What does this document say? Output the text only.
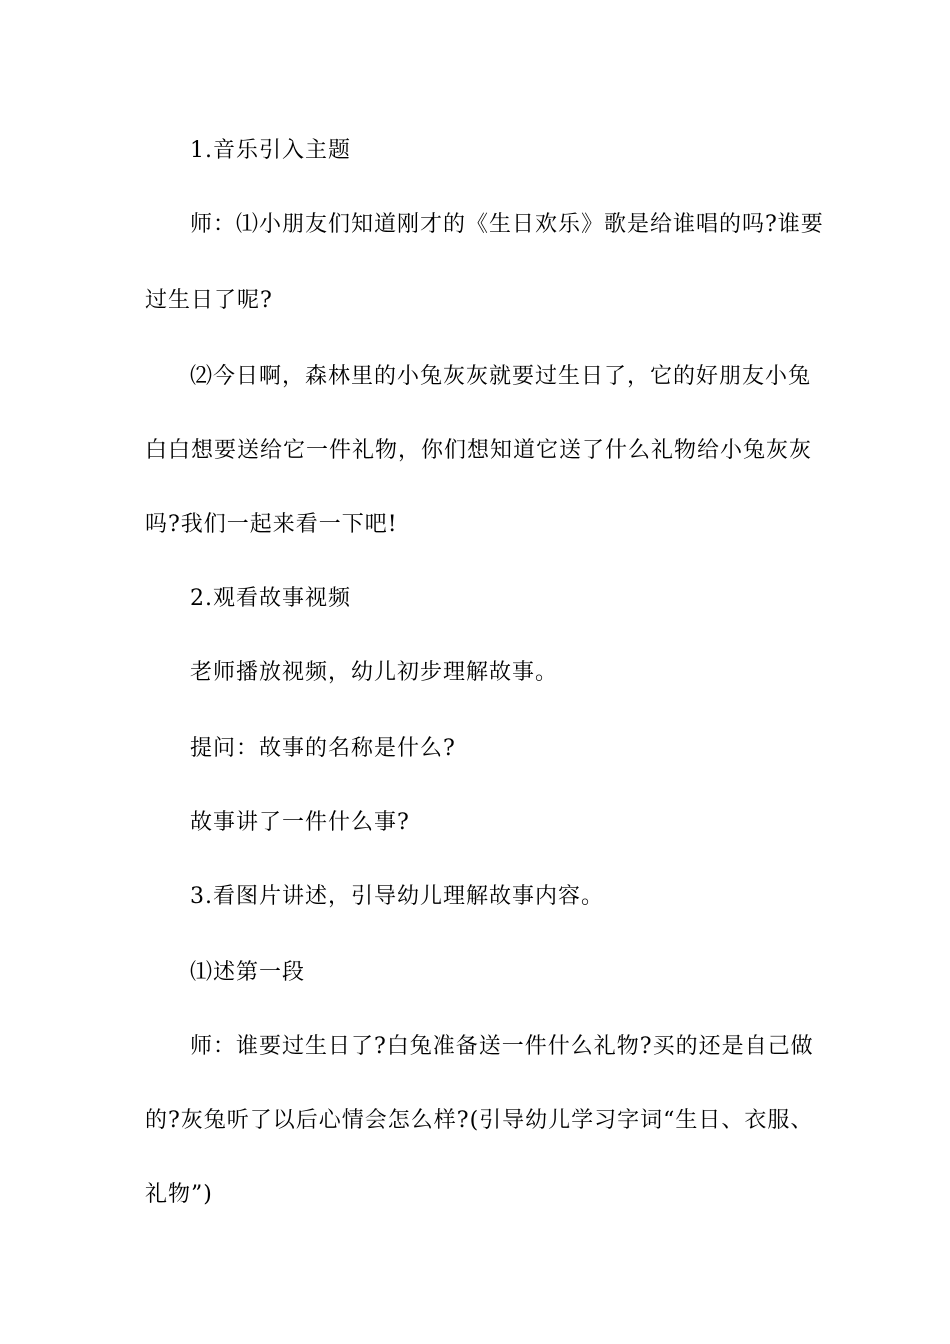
1.音乐引入主题
师：⑴小朋友们知道刚才的《生日欢乐》歌是给谁唱的吗?谁要
过生日了呢?
⑵今日啊，森林里的小兔灰灰就要过生日了，它的好朋友小兔
白白想要送给它一件礼物，你们想知道它送了什么礼物给小兔灰灰
吗?我们一起来看一下吧!
2.观看故事视频
老师播放视频，幼儿初步理解故事。
提问：故事的名称是什么?
故事讲了一件什么事?
3.看图片讲述，引导幼儿理解故事内容。
⑴述第一段
师：谁要过生日了?白兔准备送一件什么礼物?买的还是自己做
的?灰兔听了以后心情会怎么样?(引导幼儿学习字词“生日、衣服、
礼物”)
